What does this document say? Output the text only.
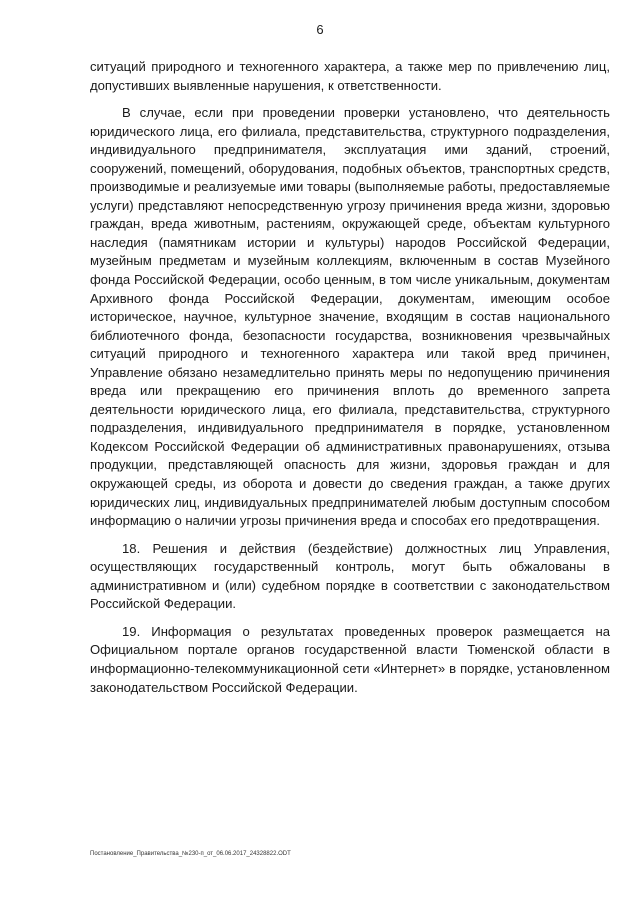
6

ситуаций природного и техногенного характера, а также мер по привлечению лиц, допустивших выявленные нарушения, к ответственности.

В случае, если при проведении проверки установлено, что деятельность юридического лица, его филиала, представительства, структурного подразделения, индивидуального предпринимателя, эксплуатация ими зданий, строений, сооружений, помещений, оборудования, подобных объектов, транспортных средств, производимые и реализуемые ими товары (выполняемые работы, предоставляемые услуги) представляют непосредственную угрозу причинения вреда жизни, здоровью граждан, вреда животным, растениям, окружающей среде, объектам культурного наследия (памятникам истории и культуры) народов Российской Федерации, музейным предметам и музейным коллекциям, включенным в состав Музейного фонда Российской Федерации, особо ценным, в том числе уникальным, документам Архивного фонда Российской Федерации, документам, имеющим особое историческое, научное, культурное значение, входящим в состав национального библиотечного фонда, безопасности государства, возникновения чрезвычайных ситуаций природного и техногенного характера или такой вред причинен, Управление обязано незамедлительно принять меры по недопущению причинения вреда или прекращению его причинения вплоть до временного запрета деятельности юридического лица, его филиала, представительства, структурного подразделения, индивидуального предпринимателя в порядке, установленном Кодексом Российской Федерации об административных правонарушениях, отзыва продукции, представляющей опасность для жизни, здоровья граждан и для окружающей среды, из оборота и довести до сведения граждан, а также других юридических лиц, индивидуальных предпринимателей любым доступным способом информацию о наличии угрозы причинения вреда и способах его предотвращения.

18. Решения и действия (бездействие) должностных лиц Управления, осуществляющих государственный контроль, могут быть обжалованы в административном и (или) судебном порядке в соответствии с законодательством Российской Федерации.

19. Информация о результатах проведенных проверок размещается на Официальном портале органов государственной власти Тюменской области в информационно-телекоммуникационной сети «Интернет» в порядке, установленном законодательством Российской Федерации.

Постановление_Правительства_№230-п_от_06.06.2017_24328822.ODT
